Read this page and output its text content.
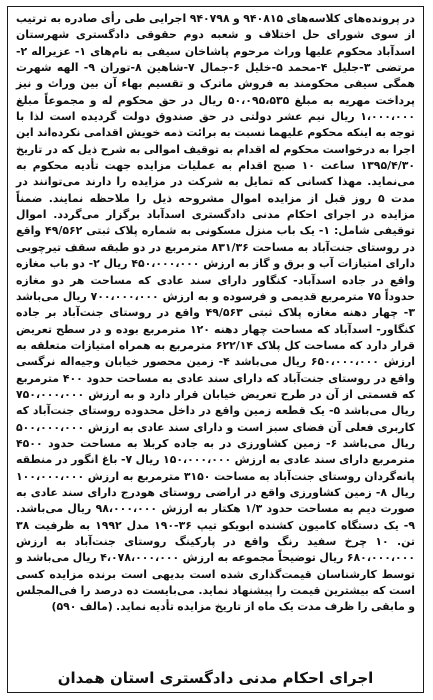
در پرونده‌های کلاسه‌های ۹۴۰۸۱۵ و ۹۴۰۷۹۸ اجرایی طی رأی صادره به ترتیب از سوی شورای حل اختلاف و شعبه دوم حقوقی دادگستری شهرستان اسدآباد محکوم علیها وراث مرحوم پاشاخان سیفی به نام‌های ۱- عزیراله ۲- مرتضی ۳-جلیل ۴-محمد ۵-خلیل ۶-جمال ۷-شاهین ۸-توران ۹- الهه شهرت همگی سیفی محکومند به فروش ماترک و تقسیم بهاء آن بین وراث و نیز پرداخت مهریه به مبلغ ۵۰،۰۹۵،۵۳۵ ریال در حق محکوم له و مجموعاً مبلغ ۱،۰۰۰،۰۰۰ ریال نیم عشر دولتی در حق صندوق دولت گردیده است لذا با توجه به اینکه محکوم علیهما نسبت به برائت ذمه خویش اقدامی نکرده‌اند این اجرا به درخواست محکوم له اقدام به توقیف اموالی به شرح ذیل که در تاریخ ۱۳۹۵/۴/۳۰ ساعت ۱۰ صبح اقدام به عملیات مزایده جهت تأدیه محکوم به می‌نماید. مهذا کسانی که تمایل به شرکت در مزایده را دارند می‌توانند در مدت ۵ روز قبل از مزایده اموال مشروحه ذیل را ملاحظه نمایند. ضمناً مزایده در اجرای احکام مدنی دادگستری اسدآباد برگزار می‌گردد. اموال توقیفی شامل: ۱- یک باب منزل مسکونی به شماره پلاک ثبتی ۴۹/۵۶۲ واقع در روستای جنت‌آباد به مساحت ۸۳۱/۳۶ مترمربع در دو طبقه سقف تیرچوبی دارای امتیازات آب و برق و گاز به ارزش ۴۵۰،۰۰۰،۰۰۰ ریال ۲- دو باب مغازه واقع در جاده اسدآباد- کنگاور دارای سند عادی که مساحت هر دو مغازه حدوداً ۷۵ مترمربع قدیمی و فرسوده و به ارزش ۷۰۰،۰۰۰،۰۰۰ ریال می‌باشد ۳- چهار دهنه مغازه پلاک ثبتی ۴۹/۵۶۳ واقع در روستای جنت‌آباد بر جاده کنگاور- اسدآباد که مساحت چهار دهنه ۱۲۰ مترمربع بوده و در سطح تعریض قرار دارد که مساحت کل پلاک ۶۲۲/۱۴ مترمربع به همراه امتیازات متعلقه به ارزش ۶۵۰،۰۰۰،۰۰۰ ریال می‌باشد ۴- زمین محصور خیابان وجیه‌اله نرگسی واقع در روستای جنت‌آباد که دارای سند عادی به مساحت حدود ۴۰۰ مترمربع که قسمتی از آن در طرح تعریض خیابان قرار دارد و به ارزش ۷۵۰،۰۰۰،۰۰۰ ریال می‌باشد ۵- یک قطعه زمین واقع در داخل محدوده روستای جنت‌آباد که کاربری فعلی آن فضای سبز است و دارای سند عادی به ارزش ۵۰۰،۰۰۰،۰۰۰ ریال می‌باشد ۶- زمین کشاورزی در به جاده کربلا به مساحت حدود ۴۵۰۰ مترمربع دارای سند عادی به ارزش ۱۵۰،۰۰۰،۰۰۰ ریال ۷- باغ انگور در منطقه پانه‌گردان روستای جنت‌آباد به مساحت ۳۱۵۰ مترمربع به ارزش ۱۰۰،۰۰۰،۰۰۰ ریال ۸- زمین کشاورزی واقع در اراضی روستای هودرج دارای سند عادی به صورت دیم به مساحت حدود ۱/۳ هکتار به ارزش ۹۸،۰۰۰،۰۰۰ ریال می‌باشد. ۹- یک دستگاه کامیون کشنده ابویکو تیپ ۳۶-۱۹۰ مدل ۱۹۹۲ به ظرفیت ۳۸ تن. ۱۰ چرخ سفید رنگ واقع در پارکینگ روستای جنت‌آباد به ارزش ۶۸۰،۰۰۰،۰۰۰ ریال توضیحاً مجموعه به ارزش ۴،۰۷۸،۰۰۰،۰۰۰ ریال می‌باشد و توسط کارشناسان قیمت‌گذاری شده است بدیهی است برنده مزایده کسی است که بیشترین قیمت را پیشنهاد نماید. می‌بایست ده درصد را فی‌المجلس و مابقی را ظرف مدت یک ماه از تاریخ مزایده تأدیه نماید. (مالف ۵۹۰)
اجرای احکام مدنی دادگستری استان همدان
